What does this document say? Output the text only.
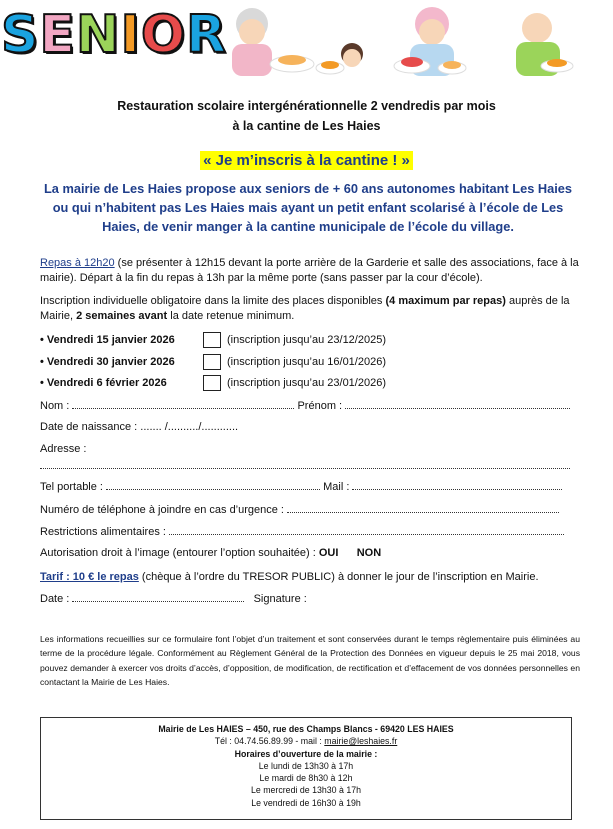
S E N I O R
Restauration scolaire intergénérationnelle 2 vendredis par mois
à la cantine de Les Haies
« Je m’inscris à la cantine ! »
La mairie de Les Haies propose aux seniors de + 60 ans autonomes habitant Les Haies ou qui n’habitent pas Les Haies mais ayant un petit enfant scolarisé à l’école de Les Haies, de venir manger à la cantine municipale de l’école du village.
Repas à 12h20 (se présenter à 12h15 devant la porte arrière de la Garderie et salle des associations, face à la mairie). Départ à la fin du repas à 13h par la même porte (sans passer par la cour d’école).
Inscription individuelle obligatoire dans la limite des places disponibles (4 maximum par repas) auprès de la Mairie, 2 semaines avant la date retenue minimum.
• Vendredi 15 janvier 2026	(inscription jusqu’au 23/12/2025)
• Vendredi 30 janvier 2026	(inscription jusqu’au 16/01/2026)
• Vendredi 6 février 2026	(inscription jusqu’au 23/01/2026)
Nom :	Prénom :
Date de naissance : ....... /........../............
Adresse :
Tel portable :	Mail :
Numéro de téléphone à joindre en cas d’urgence :
Restrictions alimentaires :
Autorisation droit à l’image (entourer l’option souhaitée) : OUI NON
Tarif : 10 € le repas (chèque à l’ordre du TRESOR PUBLIC) à donner le jour de l’inscription en Mairie.
Date :	Signature :
Les informations recueillies sur ce formulaire font l’objet d’un traitement et sont conservées durant le temps règlementaire puis éliminées au terme de la procédure légale. Conformément au Règlement Général de la Protection des Données en vigueur depuis le 25 mai 2018, vous pouvez demander à exercer vos droits d’accès, d’opposition, de modification, de rectification et d’effacement de vos données personnelles en contactant la Mairie de Les Haies.
Mairie de Les HAIES – 450, rue des Champs Blancs - 69420 LES HAIES
Tél : 04.74.56.89.99 - mail : mairie@leshaies.fr
Horaires d’ouverture de la mairie :
Le lundi de 13h30 à 17h
Le mardi de 8h30 à 12h
Le mercredi de 13h30 à 17h
Le vendredi de 16h30 à 19h
